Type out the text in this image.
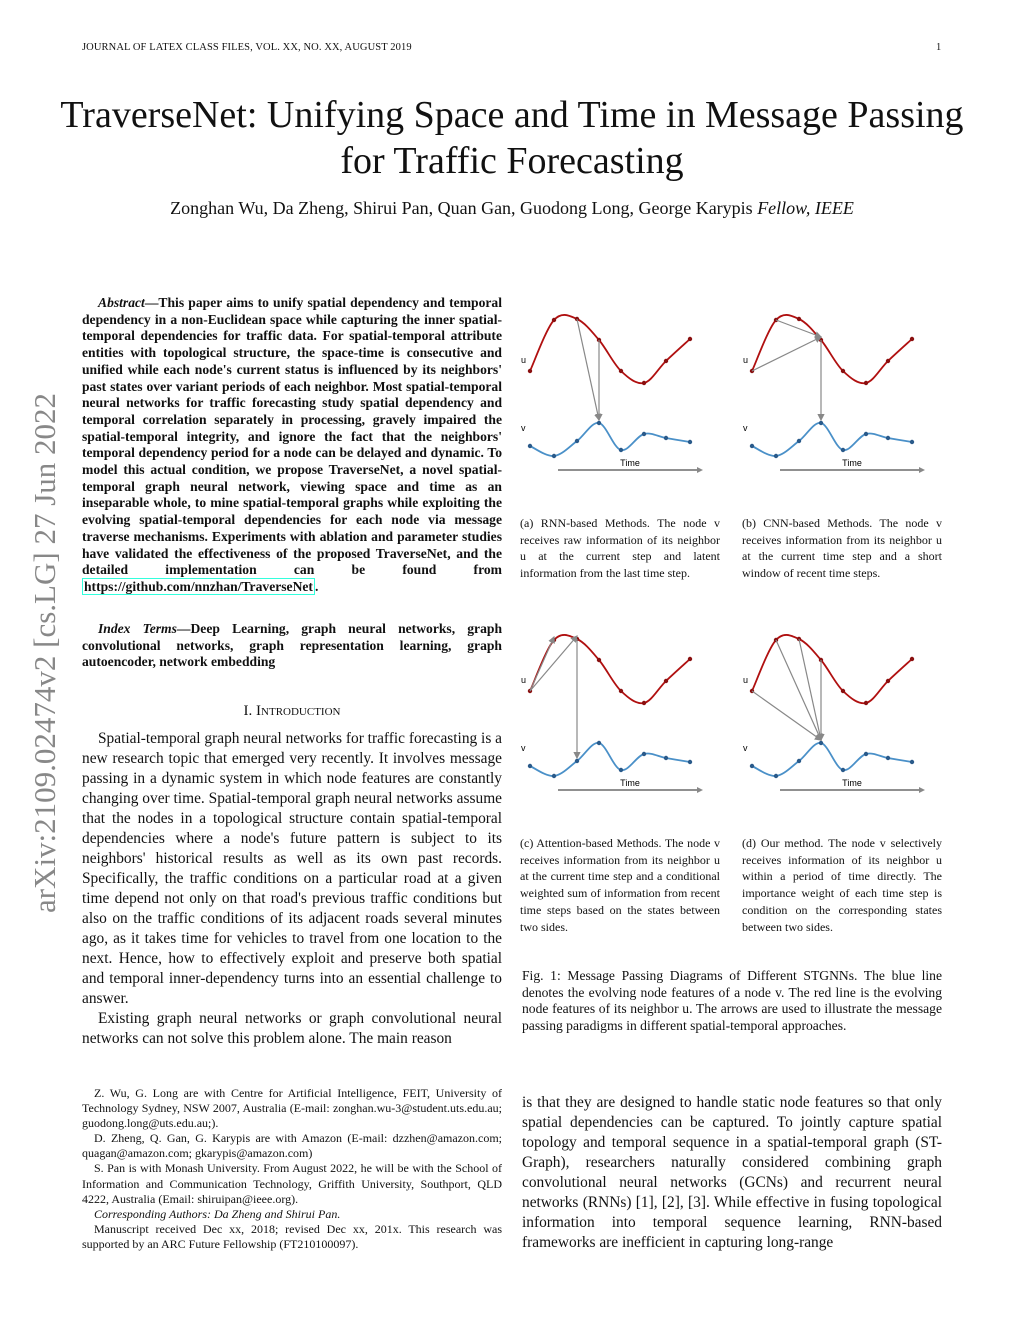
JOURNAL OF LATEX CLASS FILES, VOL. XX, NO. XX, AUGUST 2019	1
TraverseNet: Unifying Space and Time in Message Passing for Traffic Forecasting
Zonghan Wu, Da Zheng, Shirui Pan, Quan Gan, Guodong Long, George Karypis Fellow, IEEE
arXiv:2109.02474v2 [cs.LG] 27 Jun 2022
Abstract—This paper aims to unify spatial dependency and temporal dependency in a non-Euclidean space while capturing the inner spatial-temporal dependencies for traffic data. For spatial-temporal attribute entities with topological structure, the space-time is consecutive and unified while each node's current status is influenced by its neighbors' past states over variant periods of each neighbor. Most spatial-temporal neural networks for traffic forecasting study spatial dependency and temporal correlation separately in processing, gravely impaired the spatial-temporal integrity, and ignore the fact that the neighbors' temporal dependency period for a node can be delayed and dynamic. To model this actual condition, we propose TraverseNet, a novel spatial-temporal graph neural network, viewing space and time as an inseparable whole, to mine spatial-temporal graphs while exploiting the evolving spatial-temporal dependencies for each node via message traverse mechanisms. Experiments with ablation and parameter studies have validated the effectiveness of the proposed TraverseNet, and the detailed implementation can be found from https://github.com/nnzhan/TraverseNet .
Index Terms—Deep Learning, graph neural networks, graph convolutional networks, graph representation learning, graph autoencoder, network embedding
I. Introduction

Spatial-temporal graph neural networks for traffic forecasting is a new research topic that emerged very recently. It involves message passing in a dynamic system in which node features are constantly changing over time. Spatial-temporal graph neural networks assume that the nodes in a topological structure contain spatial-temporal dependencies where a node's future pattern is subject to its neighbors' historical results as well as its own past records. Specifically, the traffic conditions on a particular road at a given time depend not only on that road's previous traffic conditions but also on the traffic conditions of its adjacent roads several minutes ago, as it takes time for vehicles to travel from one location to the next. Hence, how to effectively exploit and preserve both spatial and temporal inner-dependency turns into an essential challenge to answer.

Existing graph neural networks or graph convolutional neural networks can not solve this problem alone. The main reason

Z. Wu, G. Long are with Centre for Artificial Intelligence, FEIT, University of Technology Sydney, NSW 2007, Australia (E-mail: zonghan.wu-3@student.uts.edu.au; guodong.long@uts.edu.au;).

D. Zheng, Q. Gan, G. Karypis are with Amazon (E-mail: dzzhen@amazon.com; quagan@amazon.com; gkarypis@amazon.com)

S. Pan is with Monash University. From August 2022, he will be with the School of Information and Communication Technology, Griffith University, Southport, QLD 4222, Australia (Email: shiruipan@ieee.org).

Corresponding Authors: Da Zheng and Shirui Pan.

Manuscript received Dec xx, 2018; revised Dec xx, 201x. This research was supported by an ARC Future Fellowship (FT210100097).

u
v
Time
(a) RNN-based Methods. The node v receives raw information of its neighbor u at the current step and latent information from the last time step.
u
v
Time
(b) CNN-based Methods. The node v receives information from its neighbor u at the current time step and a short window of recent time steps.
u
v
Time
(c) Attention-based Methods. The node v receives information from its neighbor u at the current time step and a conditional weighted sum of information from recent time steps based on the states between two sides.
u
v
Time
(d) Our method. The node v selectively receives information of its neighbor u within a period of time directly. The importance weight of each time step is condition on the corresponding states between two sides.
Fig. 1: Message Passing Diagrams of Different STGNNs. The blue line denotes the evolving node features of a node v. The red line is the evolving node features of its neighbor u. The arrows are used to illustrate the message passing paradigms in different spatial-temporal approaches.
is that they are designed to handle static node features so that only spatial dependencies can be captured. To jointly capture spatial topology and temporal sequence in a spatial-temporal graph (ST-Graph), researchers naturally considered combining graph convolutional neural networks (GCNs) and recurrent neural networks (RNNs) [1], [2], [3]. While effective in fusing topological information into temporal sequence learning, RNN-based frameworks are inefficient in capturing long-range
